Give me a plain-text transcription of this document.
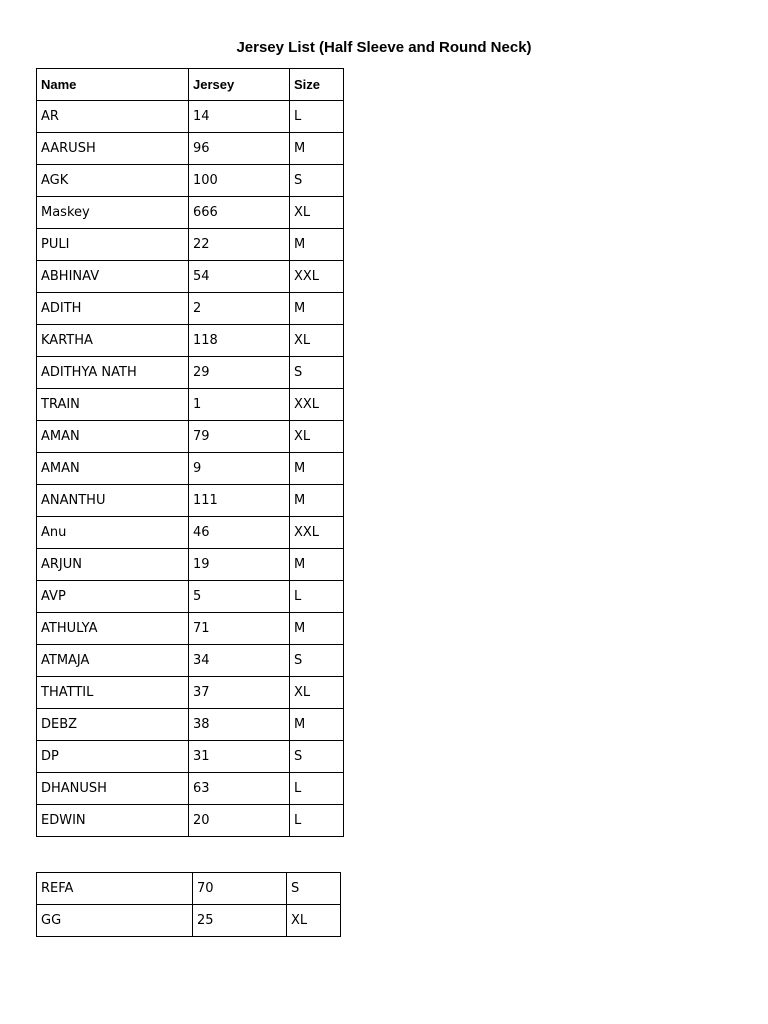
Jersey List (Half Sleeve and Round Neck)
Name	Jersey	Size
AR	14	L
AARUSH	96	M
AGK	100	S
Maskey	666	XL
PULI	22	M
ABHINAV	54	XXL
ADITH	2	M
KARTHA	118	XL
ADITHYA NATH	29	S
TRAIN	1	XXL
AMAN	79	XL
AMAN	9	M
ANANTHU	111	M
Anu	46	XXL
ARJUN	19	M
AVP	5	L
ATHULYA	71	M
ATMAJA	34	S
THATTIL	37	XL
DEBZ	38	M
DP	31	S
DHANUSH	63	L
EDWIN	20	L
REFA	70	S
GG	25	XL
